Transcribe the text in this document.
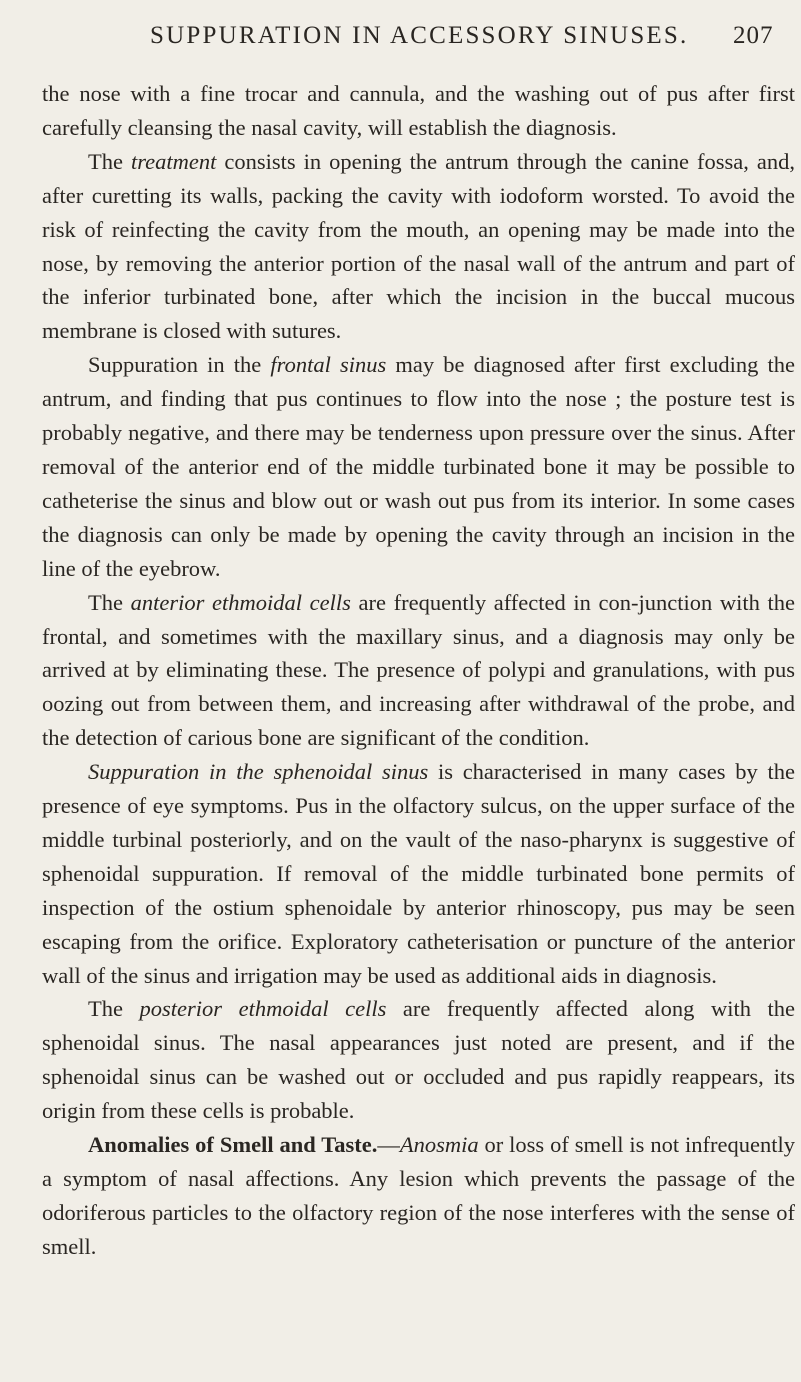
SUPPURATION IN ACCESSORY SINUSES. 207

the nose with a fine trocar and cannula, and the washing out of pus after first carefully cleansing the nasal cavity, will establish the diagnosis.

The treatment consists in opening the antrum through the canine fossa, and, after curetting its walls, packing the cavity with iodoform worsted. To avoid the risk of reinfecting the cavity from the mouth, an opening may be made into the nose, by removing the anterior portion of the nasal wall of the antrum and part of the inferior turbinated bone, after which the incision in the buccal mucous membrane is closed with sutures.

Suppuration in the frontal sinus may be diagnosed after first excluding the antrum, and finding that pus continues to flow into the nose ; the posture test is probably negative, and there may be tenderness upon pressure over the sinus. After removal of the anterior end of the middle turbinated bone it may be possible to catheterise the sinus and blow out or wash out pus from its interior. In some cases the diagnosis can only be made by opening the cavity through an incision in the line of the eyebrow.

The anterior ethmoidal cells are frequently affected in con-junction with the frontal, and sometimes with the maxillary sinus, and a diagnosis may only be arrived at by eliminating these. The presence of polypi and granulations, with pus oozing out from between them, and increasing after withdrawal of the probe, and the detection of carious bone are significant of the condition.

Suppuration in the sphenoidal sinus is characterised in many cases by the presence of eye symptoms. Pus in the olfactory sulcus, on the upper surface of the middle turbinal posteriorly, and on the vault of the naso-pharynx is suggestive of sphenoidal suppuration. If removal of the middle turbinated bone permits of inspection of the ostium sphenoidale by anterior rhinoscopy, pus may be seen escaping from the orifice. Exploratory catheterisation or puncture of the anterior wall of the sinus and irrigation may be used as additional aids in diagnosis.

The posterior ethmoidal cells are frequently affected along with the sphenoidal sinus. The nasal appearances just noted are present, and if the sphenoidal sinus can be washed out or occluded and pus rapidly reappears, its origin from these cells is probable.

Anomalies of Smell and Taste.—Anosmia or loss of smell is not infrequently a symptom of nasal affections. Any lesion which prevents the passage of the odoriferous particles to the olfactory region of the nose interferes with the sense of smell.
